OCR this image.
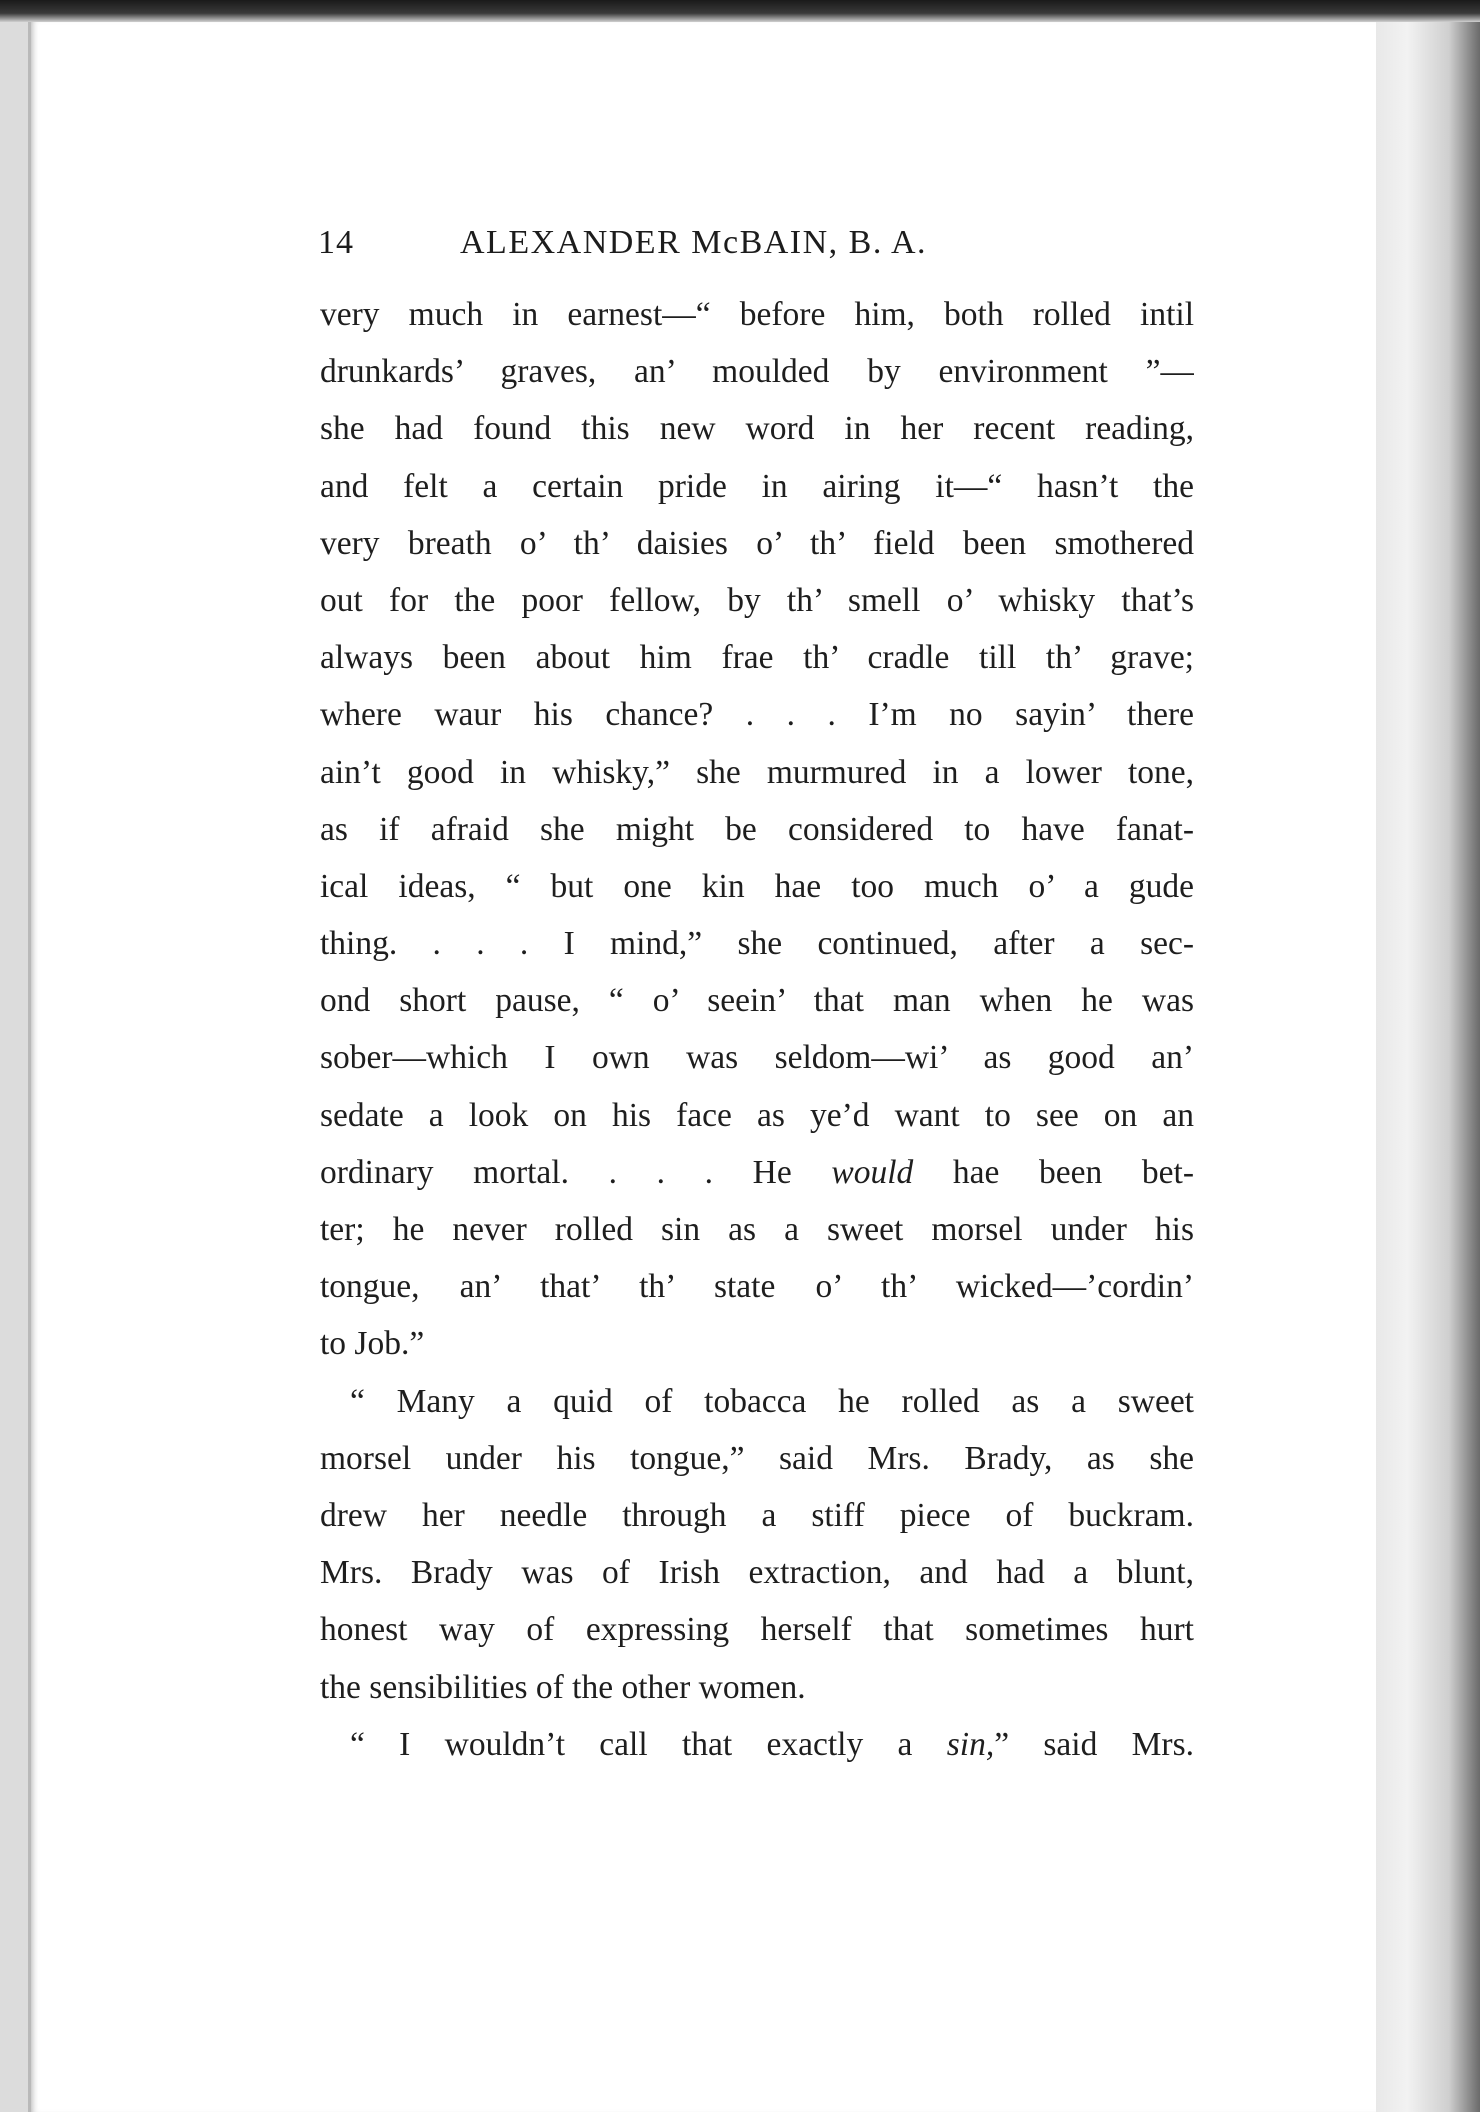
14	ALEXANDER McBAIN, B. A.
very much in earnest—“ before him, both rolled intil
drunkards’ graves, an’ moulded by environment ”—
she had found this new word in her recent reading,
and felt a certain pride in airing it—“ hasn’t the
very breath o’ th’ daisies o’ th’ field been smothered
out for the poor fellow, by th’ smell o’ whisky that’s
always been about him frae th’ cradle till th’ grave;
where waur his chance? . . . I’m no sayin’ there
ain’t good in whisky,” she murmured in a lower tone,
as if afraid she might be considered to have fanat-
ical ideas, “ but one kin hae too much o’ a gude
thing. . . . I mind,” she continued, after a sec-
ond short pause, “ o’ seein’ that man when he was
sober—which I own was seldom—wi’ as good an’
sedate a look on his face as ye’d want to see on an
ordinary mortal. . . . He would hae been bet-
ter; he never rolled sin as a sweet morsel under his
tongue, an’ that’ th’ state o’ th’ wicked—’cordin’
to Job.”
“ Many a quid of tobacca he rolled as a sweet
morsel under his tongue,” said Mrs. Brady, as she
drew her needle through a stiff piece of buckram.
Mrs. Brady was of Irish extraction, and had a blunt,
honest way of expressing herself that sometimes hurt
the sensibilities of the other women.
“ I wouldn’t call that exactly a sin,” said Mrs.
